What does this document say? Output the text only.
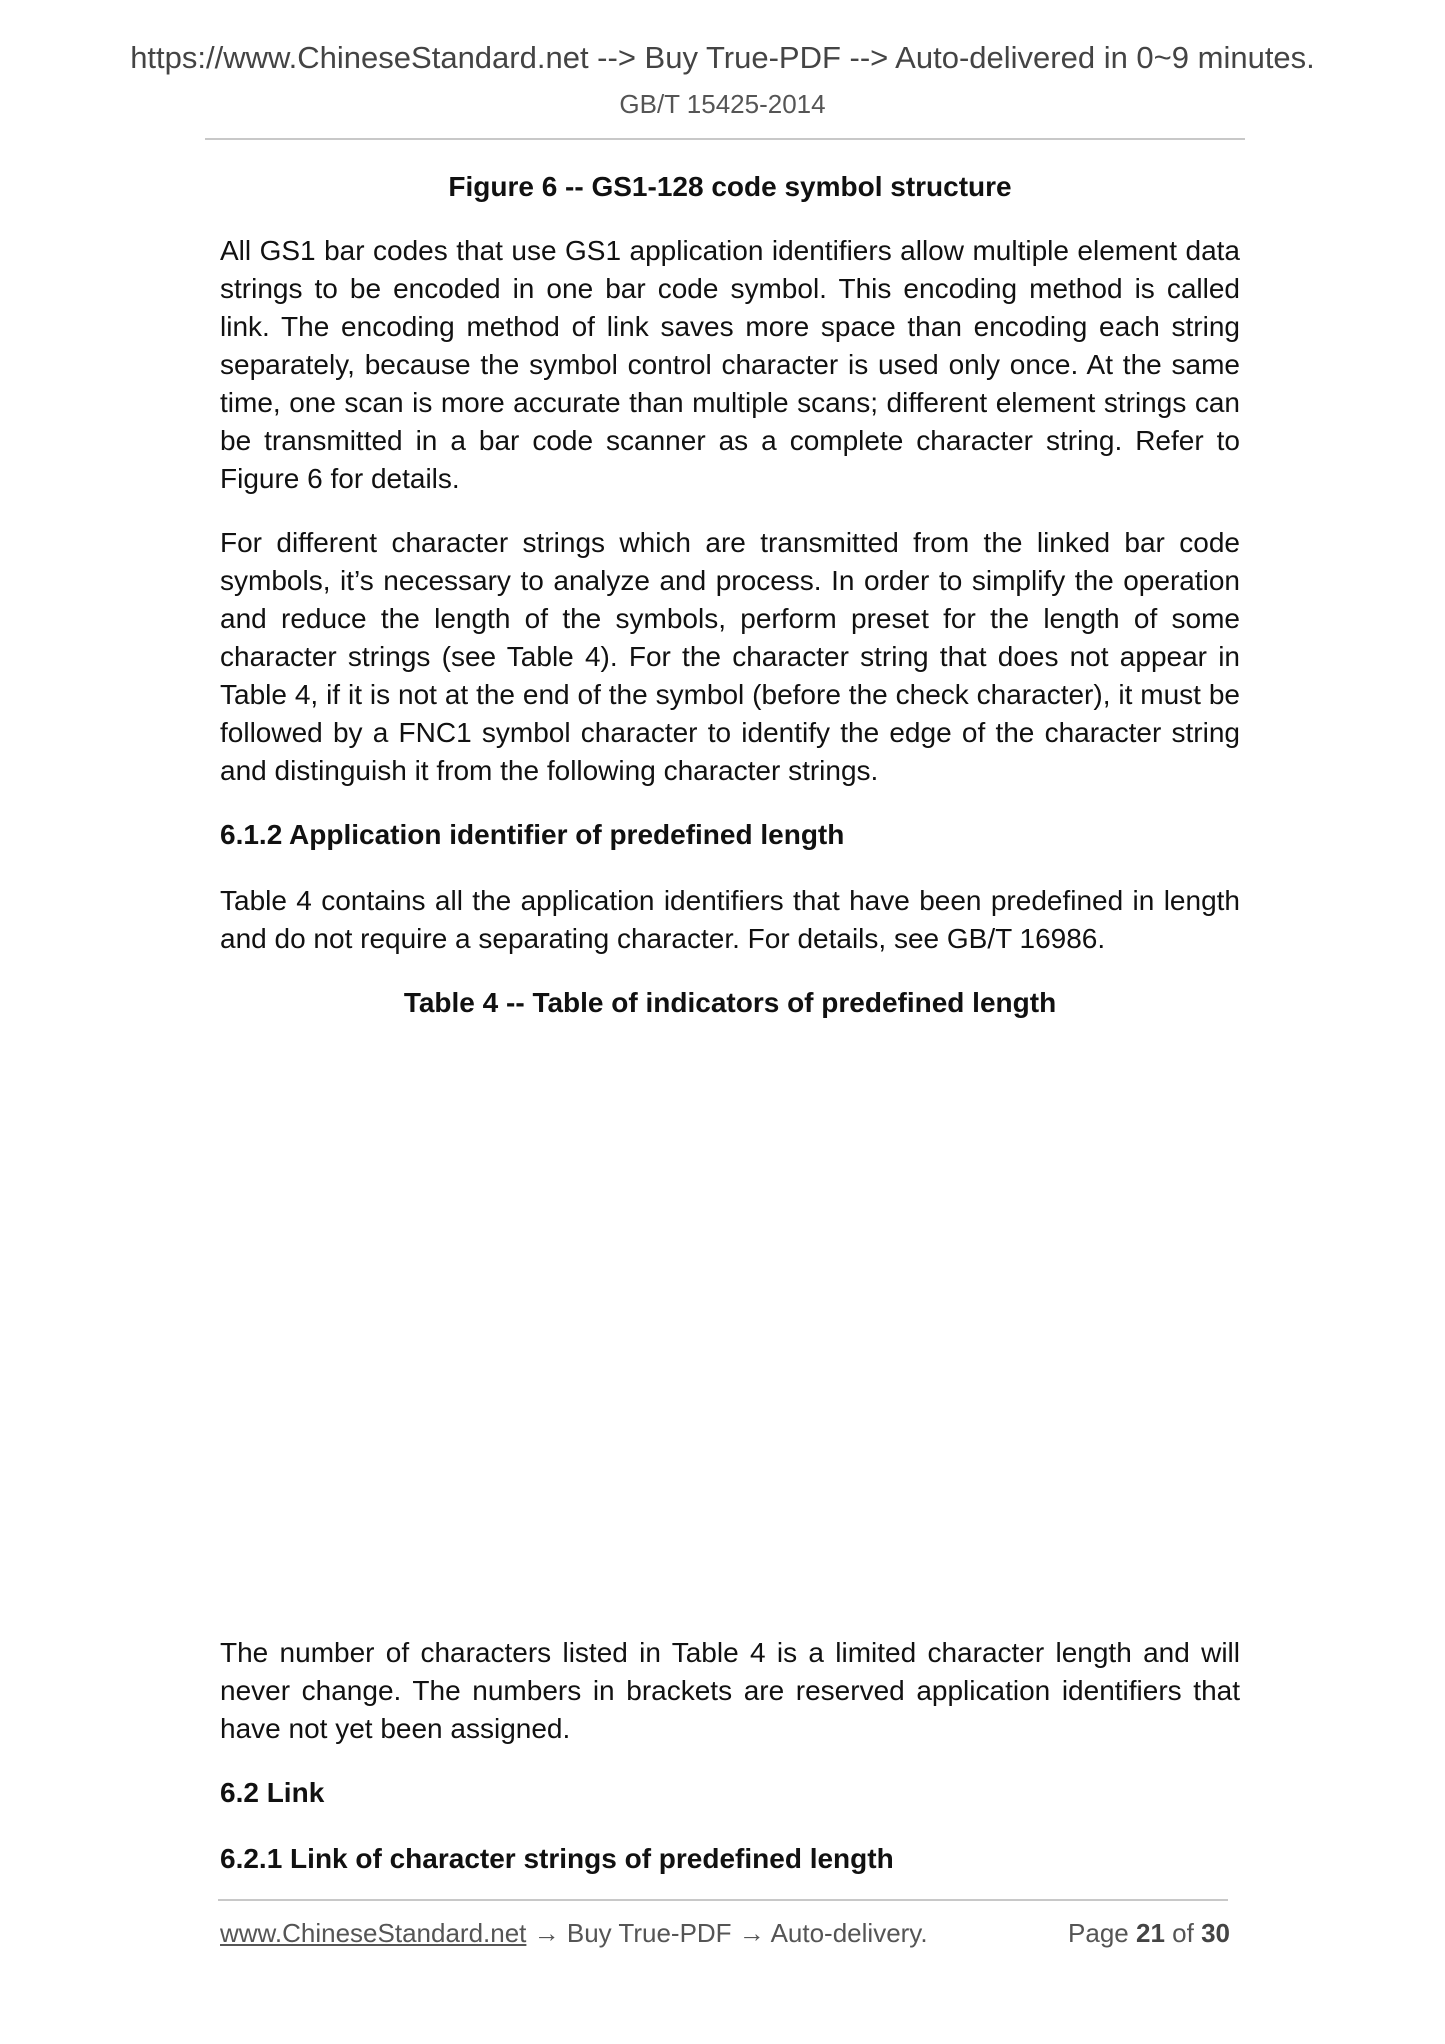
https://www.ChineseStandard.net --> Buy True-PDF --> Auto-delivered in 0~9 minutes.
GB/T 15425-2014
Figure 6 -- GS1-128 code symbol structure
All GS1 bar codes that use GS1 application identifiers allow multiple element data strings to be encoded in one bar code symbol. This encoding method is called link. The encoding method of link saves more space than encoding each string separately, because the symbol control character is used only once. At the same time, one scan is more accurate than multiple scans; different element strings can be transmitted in a bar code scanner as a complete character string. Refer to Figure 6 for details.
For different character strings which are transmitted from the linked bar code symbols, it’s necessary to analyze and process. In order to simplify the operation and reduce the length of the symbols, perform preset for the length of some character strings (see Table 4). For the character string that does not appear in Table 4, if it is not at the end of the symbol (before the check character), it must be followed by a FNC1 symbol character to identify the edge of the character string and distinguish it from the following character strings.
6.1.2 Application identifier of predefined length
Table 4 contains all the application identifiers that have been predefined in length and do not require a separating character. For details, see GB/T 16986.
Table 4 -- Table of indicators of predefined length
The number of characters listed in Table 4 is a limited character length and will never change. The numbers in brackets are reserved application identifiers that have not yet been assigned.
6.2 Link
6.2.1 Link of character strings of predefined length
www.ChineseStandard.net → Buy True-PDF → Auto-delivery.	Page 21 of 30
